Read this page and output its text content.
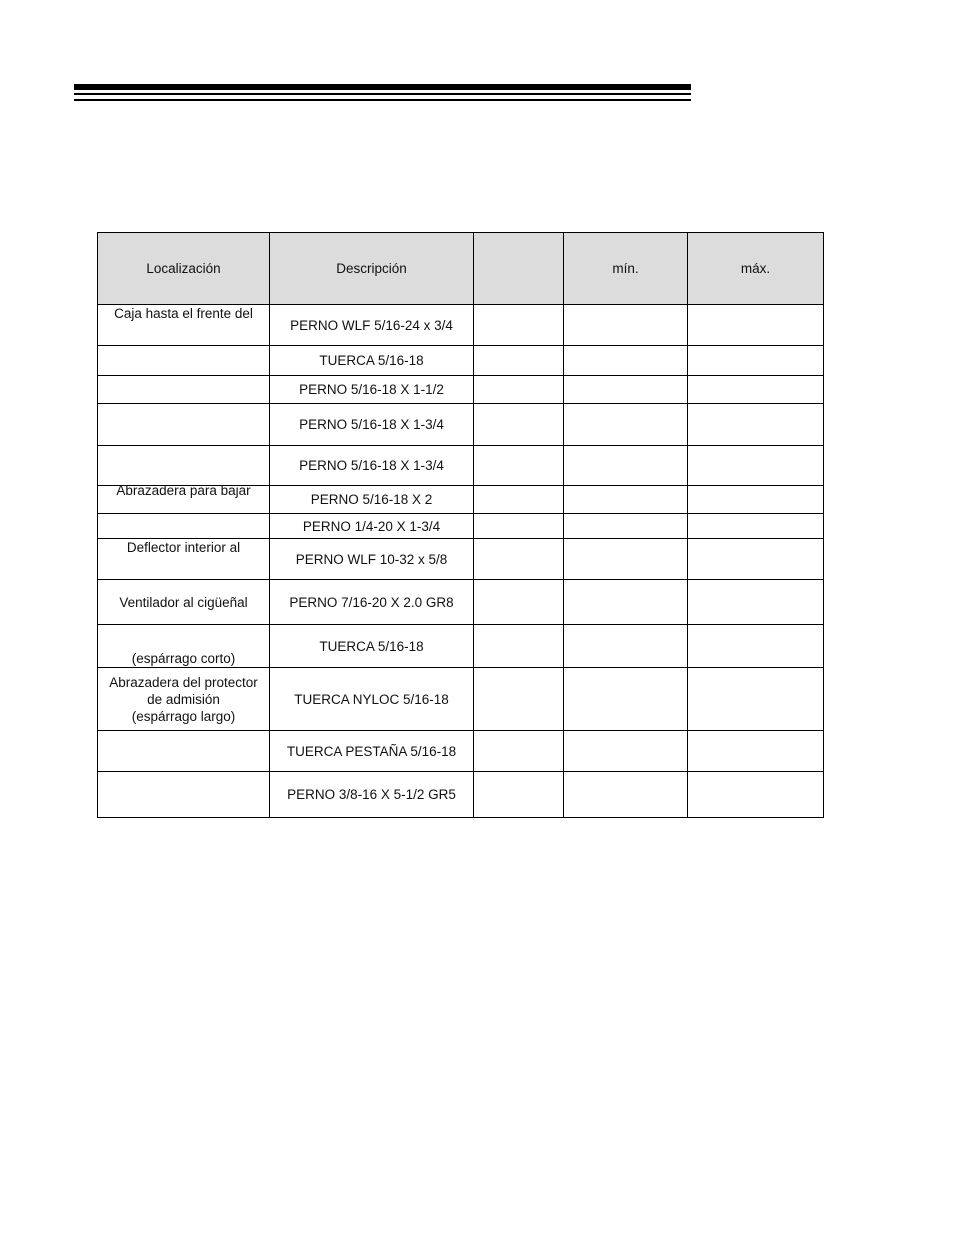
Localización	Descripción		mín.	máx.
Caja hasta el frente del	PERNO WLF 5/16-24 x 3/4			
	TUERCA 5/16-18			
	PERNO 5/16-18 X 1-1/2			
	PERNO 5/16-18 X 1-3/4			
	PERNO 5/16-18 X 1-3/4			

Abrazadera para bajar	PERNO 5/16-18 X 2			
	PERNO 1/4-20 X 1-3/4			
Deflector interior al	PERNO WLF 10-32 x 5/8			
Ventilador al cigüeñal	PERNO 7/16-20 X 2.0 GR8			
(espárrago corto)	TUERCA 5/16-18			

Abrazadera del protector
de admisión
(espárrago largo)	TUERCA NYLOC 5/16-18			
	TUERCA PESTAÑA 5/16-18			
	PERNO 3/8-16 X 5-1/2 GR5			
